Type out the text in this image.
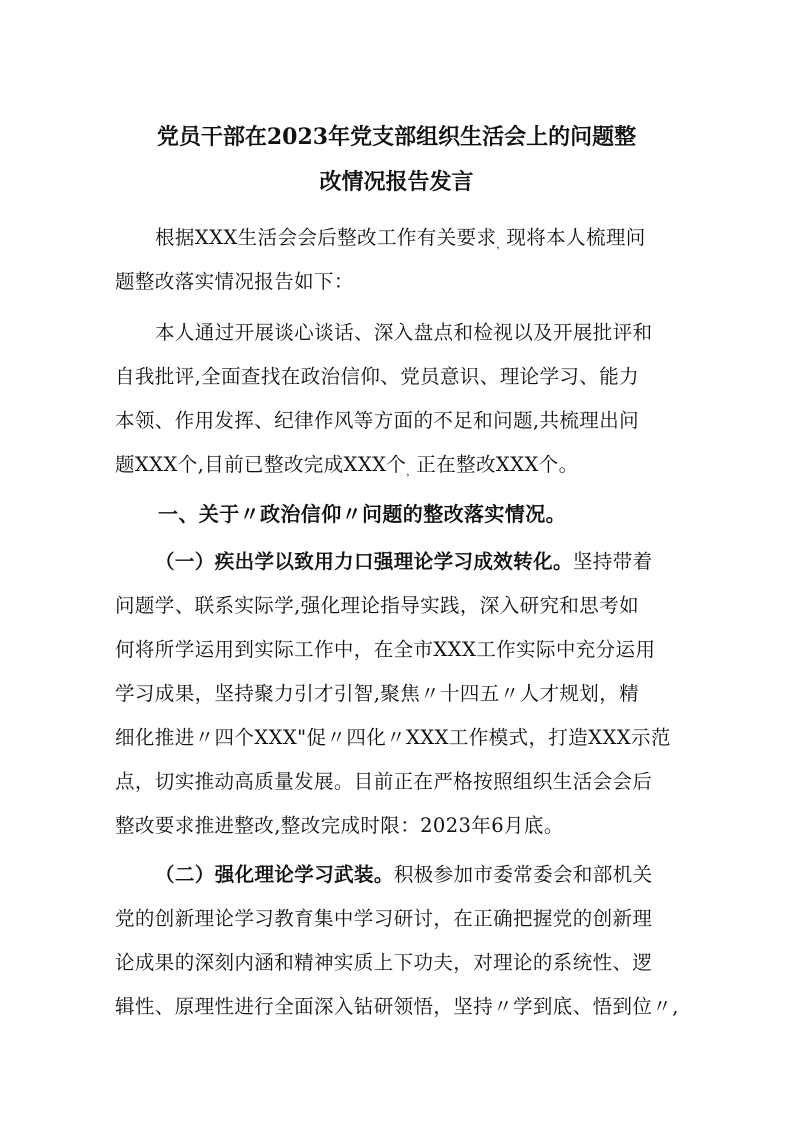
党员干部在2023年党支部组织生活会上的问题整
改情况报告发言
根据XXX生活会会后整改工作有关要求$_,$现将本人梳理问
题整改落实情况报告如下：
本人通过开展谈心谈话、深入盘点和检视以及开展批评和
自我批评,全面查找在政治信仰、党员意识、理论学习、能力
本领、作用发挥、纪律作风等方面的不足和问题,共梳理出问
题XXX个,目前已整改完成XXX个$_,$正在整改XXX个。
一、关于〃政治信仰〃问题的整改落实情况。
（一）疾出学以致用力口强理论学习成效转化。坚持带着
问题学、联系实际学,强化理论指导实践，深入研究和思考如
何将所学运用到实际工作中，在全市XXX工作实际中充分运用
学习成果，坚持聚力引才引智,聚焦〃十四五〃人才规划，精
细化推进〃四个XXX"促〃四化〃XXX工作模式，打造XXX示范
点，切实推动高质量发展。目前正在严格按照组织生活会会后
整改要求推进整改,整改完成时限：2023年6月底。
（二）强化理论学习武装。积极参加市委常委会和部机关
党的创新理论学习教育集中学习研讨，在正确把握党的创新理
论成果的深刻内涵和精神实质上下功夫，对理论的系统性、逻
辑性、原理性进行全面深入钻研领悟，坚持〃学到底、悟到位〃,
